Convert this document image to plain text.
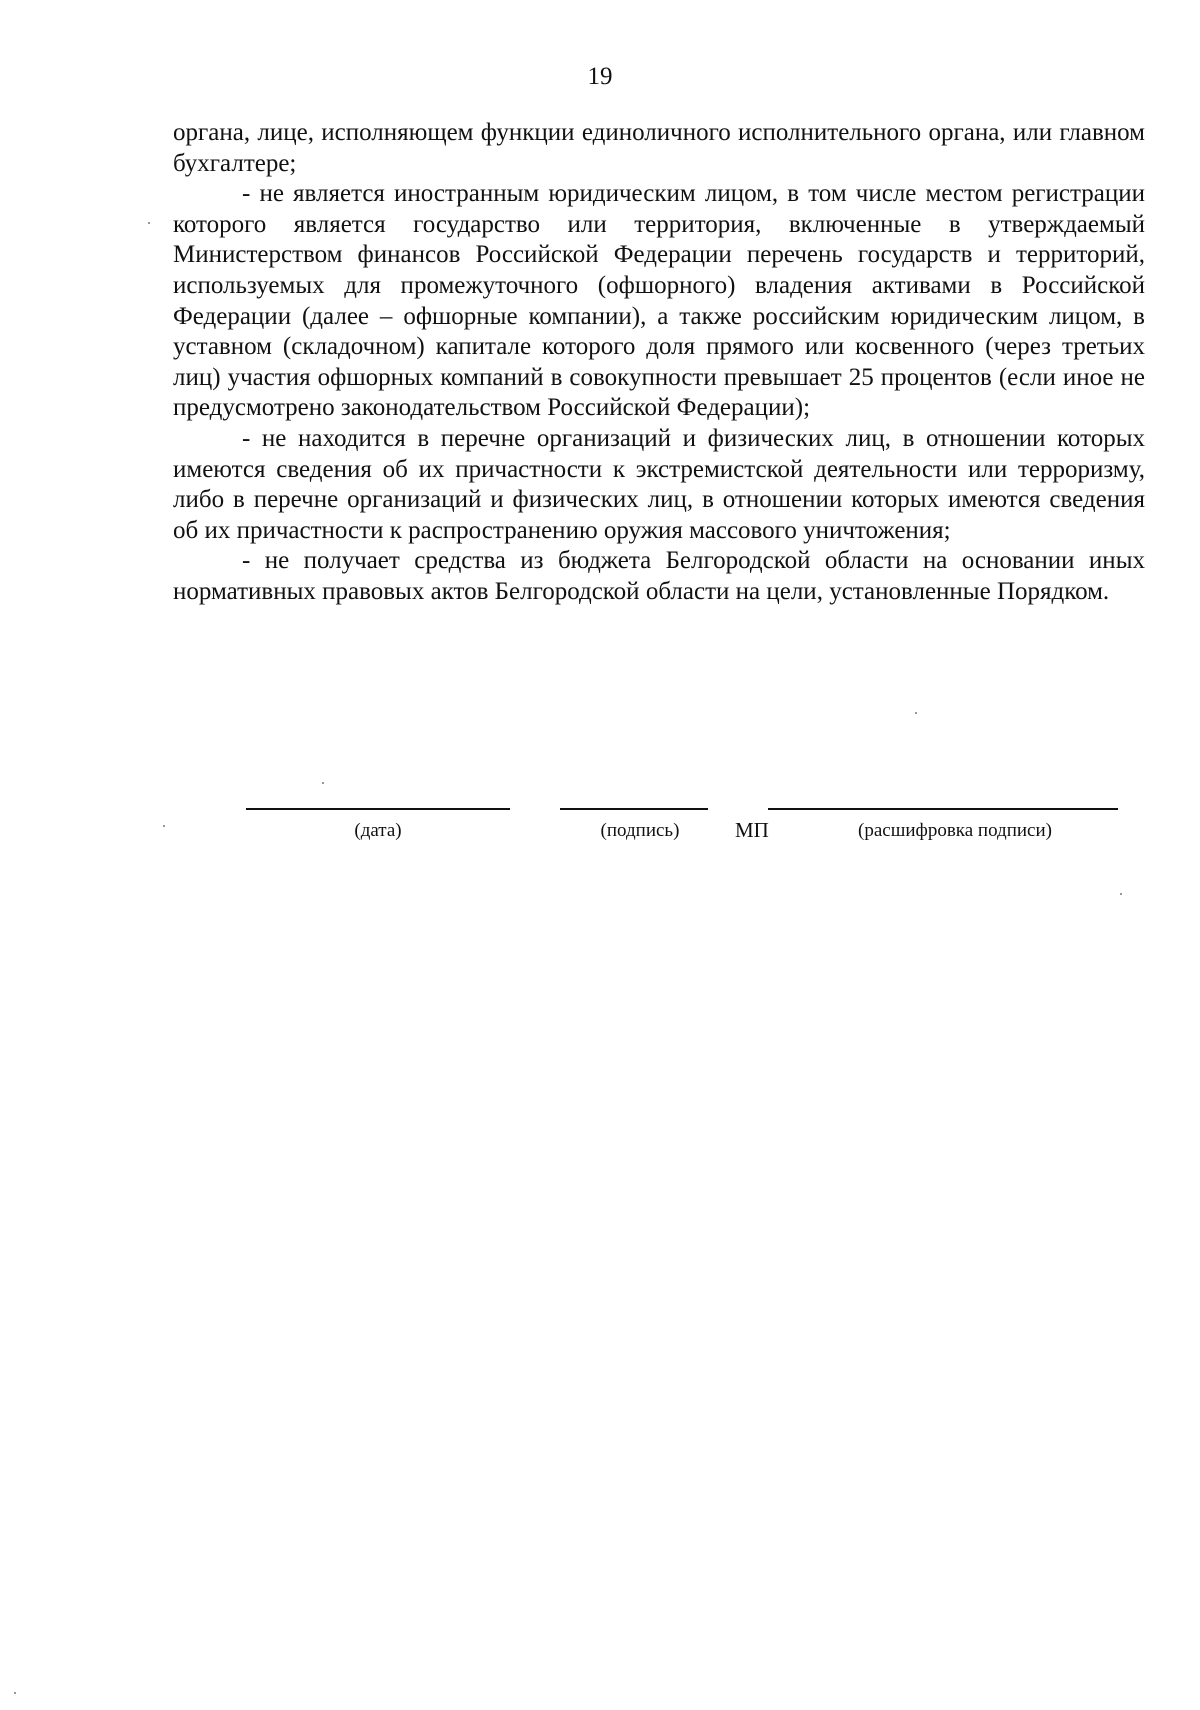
19

органа, лице, исполняющем функции единоличного исполнительного органа, или главном бухгалтере;

- не является иностранным юридическим лицом, в том числе местом регистрации которого является государство или территория, включенные в утверждаемый Министерством финансов Российской Федерации перечень государств и территорий, используемых для промежуточного (офшорного) владения активами в Российской Федерации (далее – офшорные компании), а также российским юридическим лицом, в уставном (складочном) капитале которого доля прямого или косвенного (через третьих лиц) участия офшорных компаний в совокупности превышает 25 процентов (если иное не предусмотрено законодательством Российской Федерации);

- не находится в перечне организаций и физических лиц, в отношении которых имеются сведения об их причастности к экстремистской деятельности или терроризму, либо в перечне организаций и физических лиц, в отношении которых имеются сведения об их причастности к распространению оружия массового уничтожения;

- не получает средства из бюджета Белгородской области на основании иных нормативных правовых актов Белгородской области на цели, установленные Порядком.

(дата)	(подпись)	МП	(расшифровка подписи)
